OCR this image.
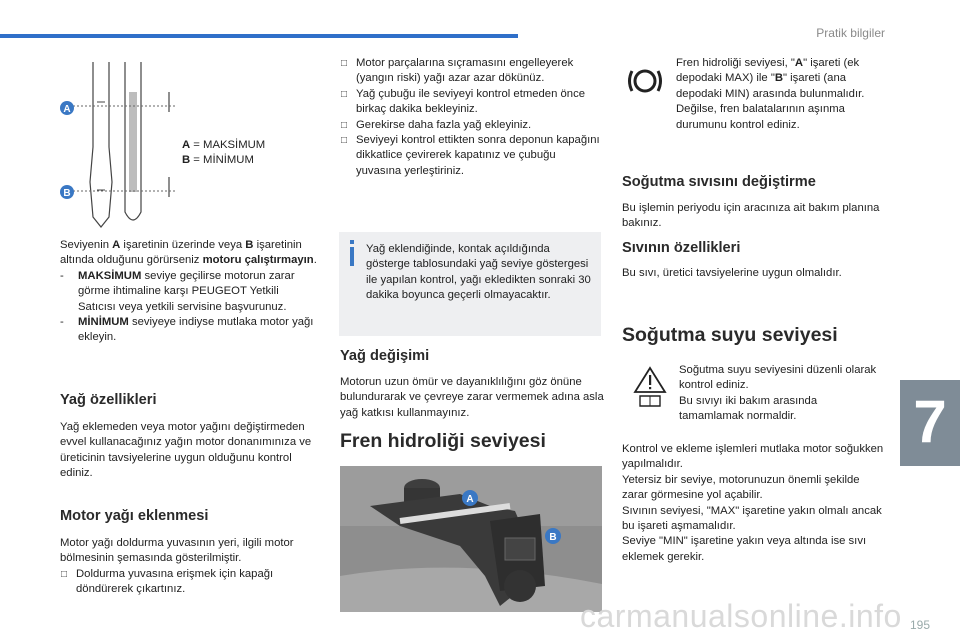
Pratik bilgiler
A
B
A = MAKSİMUM
B = MİNİMUM
Seviyenin A işaretinin üzerinde veya B işaretinin altında olduğunu görürseniz motoru çalıştırmayın.
- MAKSİMUM seviye geçilirse motorun zarar görme ihtimaline karşı PEUGEOT Yetkili Satıcısı veya yetkili servisine başvurunuz.
- MİNİMUM seviyeye indiyse mutlaka motor yağı ekleyin.
Yağ özellikleri
Yağ eklemeden veya motor yağını değiştirmeden evvel kullanacağınız yağın motor donanımınıza ve üreticinin tavsiyelerine uygun olduğunu kontrol ediniz.
Motor yağı eklenmesi
Motor yağı doldurma yuvasının yeri, ilgili motor bölmesinin şemasında gösterilmiştir.
□ Doldurma yuvasına erişmek için kapağı döndürerek çıkartınız.
□ Motor parçalarına sıçramasını engelleyerek (yangın riski) yağı azar azar dökünüz.
□ Yağ çubuğu ile seviyeyi kontrol etmeden önce birkaç dakika bekleyiniz.
□ Gerekirse daha fazla yağ ekleyiniz.
□ Seviyeyi kontrol ettikten sonra deponun kapağını dikkatlice çevirerek kapatınız ve çubuğu yuvasına yerleştiriniz.
Yağ eklendiğinde, kontak açıldığında gösterge tablosundaki yağ seviye göstergesi ile yapılan kontrol, yağı ekledikten sonraki 30 dakika boyunca geçerli olmayacaktır.
Yağ değişimi
Motorun uzun ömür ve dayanıklılığını göz önüne bulundurarak ve çevreye zarar vermemek adına asla yağ katkısı kullanmayınız.
Fren hidroliği seviyesi
A
B
Fren hidroliği seviyesi, "A" işareti (ek depodaki MAX) ile "B" işareti (ana depodaki MIN) arasında bulunmalıdır. Değilse, fren balatalarının aşınma durumunu kontrol ediniz.
Soğutma sıvısını değiştirme
Bu işlemin periyodu için aracınıza ait bakım planına bakınız.
Sıvının özellikleri
Bu sıvı, üretici tavsiyelerine uygun olmalıdır.
Soğutma suyu seviyesi
Soğutma suyu seviyesini düzenli olarak kontrol ediniz.
Bu sıvıyı iki bakım arasında tamamlamak normaldir.
Kontrol ve ekleme işlemleri mutlaka motor soğukken yapılmalıdır.
Yetersiz bir seviye, motorunuzun önemli şekilde zarar görmesine yol açabilir.
Sıvının seviyesi, "MAX" işaretine yakın olmalı ancak bu işareti aşmamalıdır.
Seviye "MIN" işaretine yakın veya altında ise sıvı eklemek gerekir.
7
carmanualsonline.info 195
